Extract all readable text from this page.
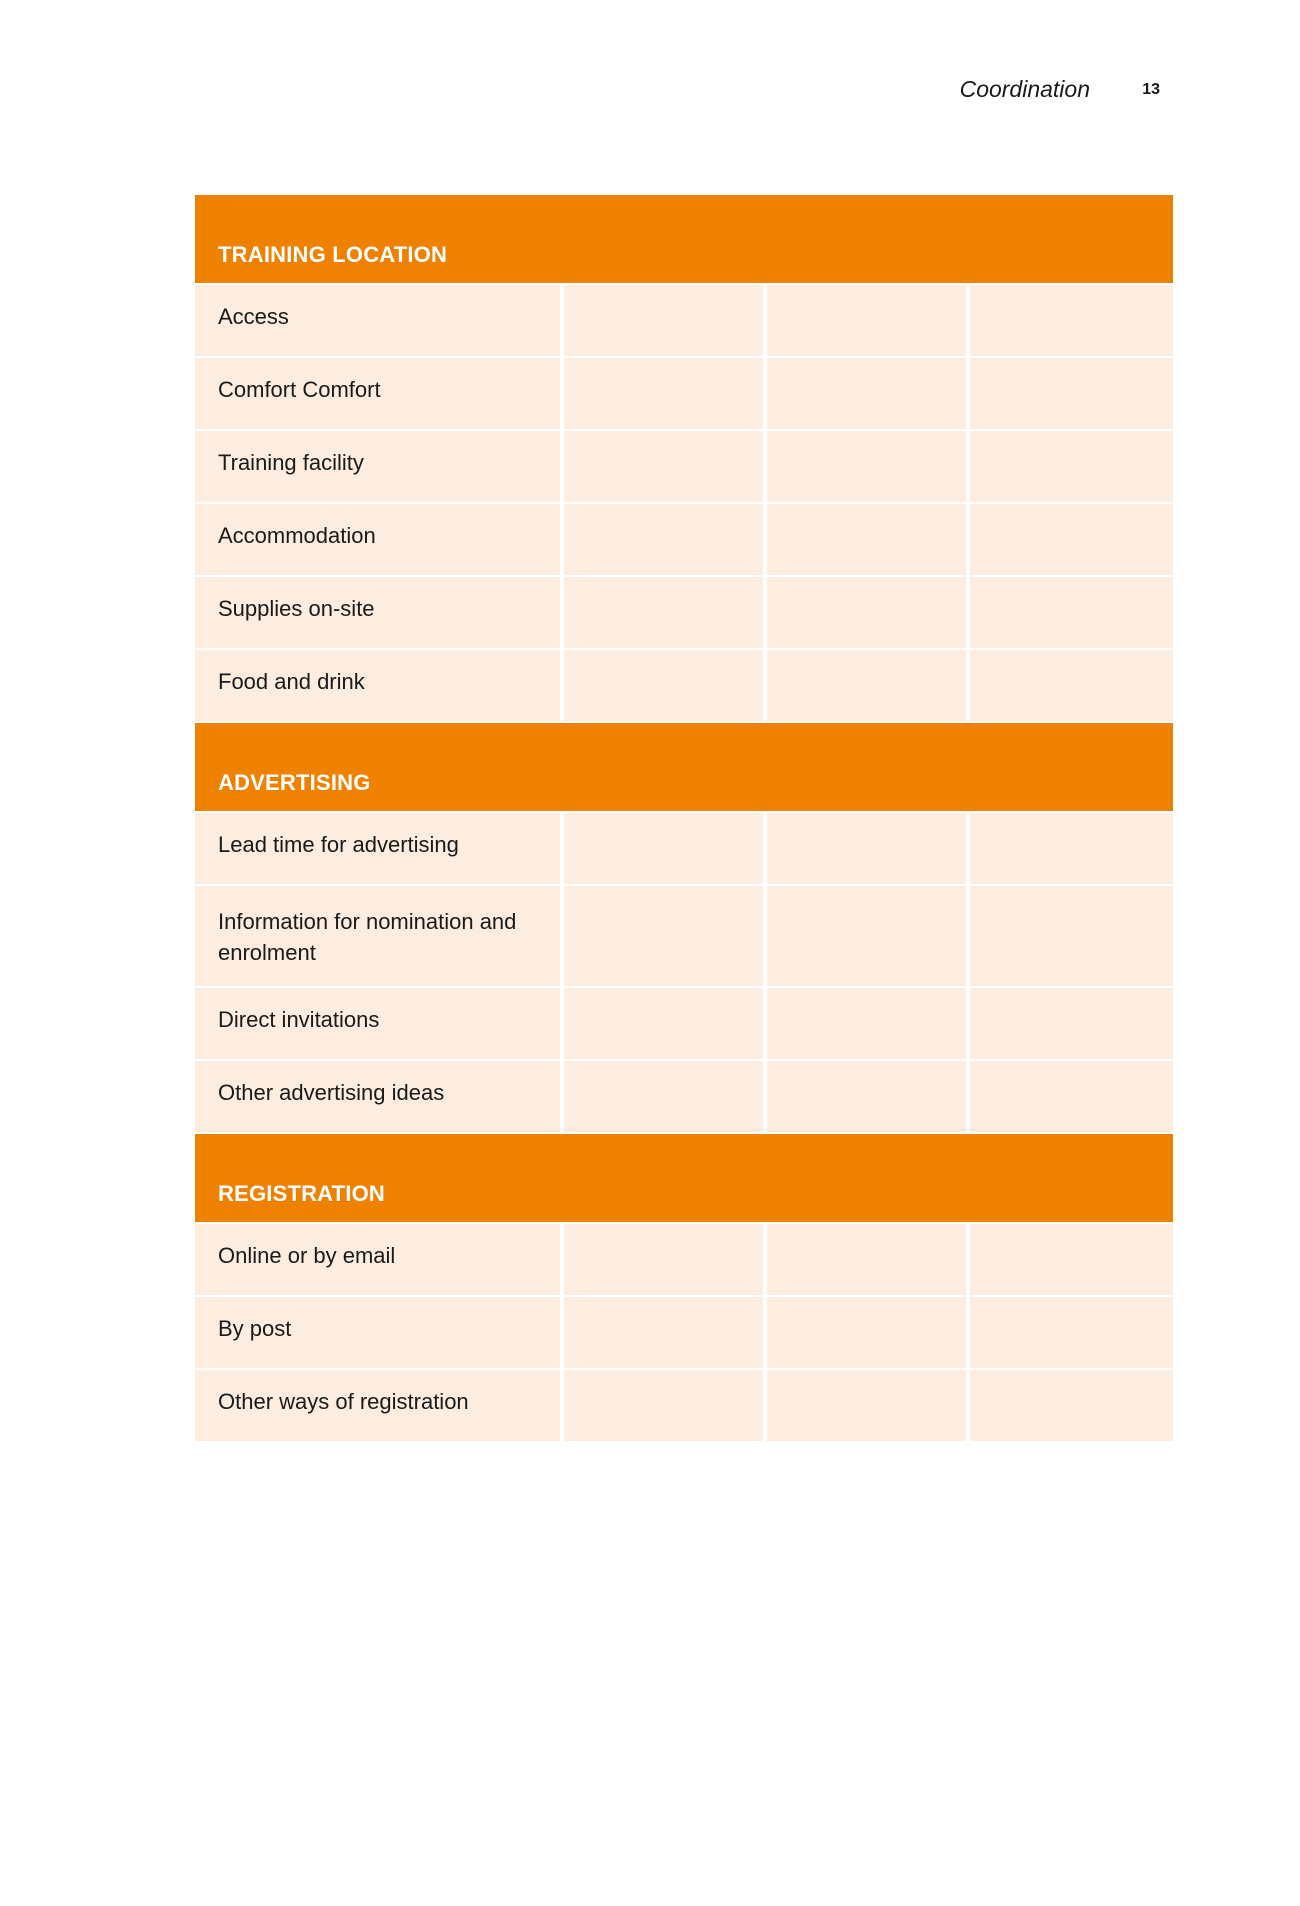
Coordination	13
TRAINING LOCATION
Access
Comfort Comfort
Training facility
Accommodation
Supplies on-site
Food and drink
ADVERTISING
Lead time for advertising
Information for nomination and enrolment
Direct invitations
Other advertising ideas
REGISTRATION
Online or by email
By post
Other ways of registration
